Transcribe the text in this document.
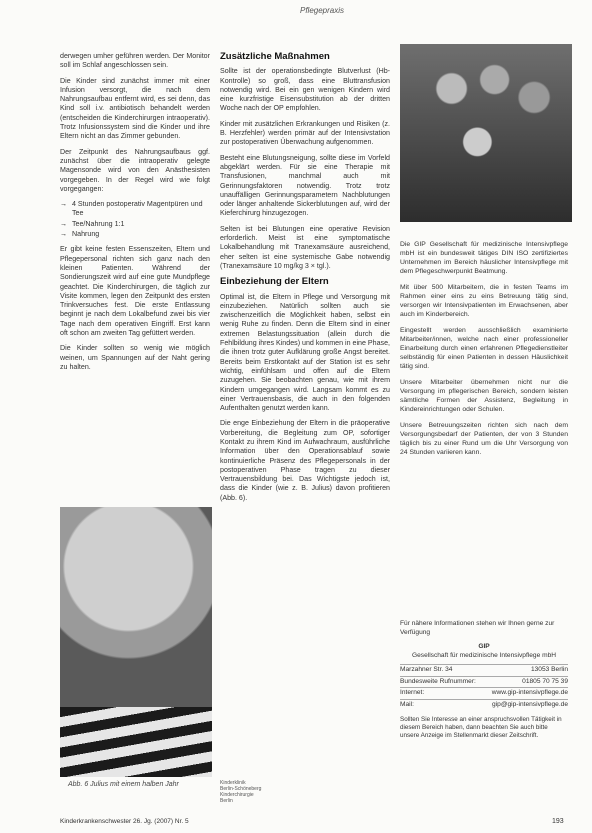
Pflegepraxis

derwegen umher geführen werden. Der Monitor soll im Schlaf angeschlossen sein.

Die Kinder sind zunächst immer mit einer Infusion versorgt, die nach dem Nahrungsaufbau entfernt wird, es sei denn, das Kind soll i.v. antibiotisch behandelt werden (entscheiden die Kinderchirurgen intraoperativ). Trotz Infusionssystem sind die Kinder und ihre Eltern nicht an das Zimmer gebunden.

Der Zeitpunkt des Nahrungsaufbaus ggf. zunächst über die intraoperativ gelegte Magensonde wird von den Anästhesisten vorgegeben. In der Regel wird wie folgt vorgegangen:

→ 4 Stunden postoperativ Magentpüren und Tee
→ Tee/Nahrung 1:1
→ Nahrung

Er gibt keine festen Essenszeiten, Eltern und Pflegepersonal richten sich ganz nach den kleinen Patienten. Während der Sondierungszeit wird auf eine gute Mundpflege geachtet. Die Kinderchirurgen, die täglich zur Visite kommen, legen den Zeitpunkt des ersten Trinkversuches fest. Die erste Entlassung beginnt je nach dem Lokalbefund zwei bis vier Tage nach dem operativen Eingriff. Erst kann oft schon am zweiten Tag gefüttert werden.

Die Kinder sollten so wenig wie möglich weinen, um Spannungen auf der Naht gering zu halten.

Abb. 6 Julius mit einem halben Jahr
Zusätzliche Maßnahmen

Sollte ist der operationsbedingte Blutverlust (Hb-Kontrolle) so groß, dass eine Bluttransfusion notwendig wird. Bei ein gen wenigen Kindern wird eine kurzfristige Eisensubstitution ab der dritten Woche nach der OP empfohlen.

Kinder mit zusätzlichen Erkrankungen und Risiken (z. B. Herzfehler) werden primär auf der Intensivstation zur postoperativen Überwachung aufgenommen.

Besteht eine Blutungsneigung, sollte diese im Vorfeld abgeklärt werden. Für sie eine Therapie mit Transfusionen, manchmal auch mit Gerinnungsfaktoren notwendig. Trotz trotz unauffälligen Gerinnungsparametern Nachblutungen oder länger anhaltende Sickerblutungen auf, wird der Kieferchirurg hinzugezogen.

Selten ist bei Blutungen eine operative Revision erforderlich. Meist ist eine symptomatische Lokalbehandlung mit Tranexamsäure ausreichend, eher selten ist eine systemische Gabe notwendig (Tranexamsäure 10 mg/kg 3 × tgl.).

Einbeziehung der Eltern

Optimal ist, die Eltern in Pflege und Versorgung mit einzubeziehen. Natürlich sollten auch sie zwischenzeitlich die Möglichkeit haben, selbst ein wenig Ruhe zu finden. Denn die Eltern sind in einer extremen Belastungssituation (allein durch die Fehlbildung ihres Kindes) und kommen in eine Phase, die ihnen trotz guter Aufklärung große Angst bereitet. Bereits beim Erstkontakt auf der Station ist es sehr wichtig, einfühlsam und offen auf die Eltern zuzugehen. Sie beobachten genau, wie mit ihrem Kindern umgegangen wird. Langsam kommt es zu einer Vertrauensbasis, die auch in den folgenden Aufenthalten genutzt werden kann.

Die enge Einbeziehung der Eltern in die präoperative Vorbereitung, die Begleitung zum OP, sofortiger Kontakt zu ihrem Kind im Aufwachraum, ausführliche Information über den Operationsablauf sowie kontinuierliche Präsenz des Pflegepersonals in der postoperativen Phase tragen zu dieser Vertrauensbildung bei. Das Wichtigste jedoch ist, dass die Kinder (wie z. B. Julius) davon profitieren (Abb. 6).

Kinderklinik
Berlin-Schöneberg
Kinderchirurgie
Berlin

Die GIP Gesellschaft für medizinische Intensivpflege mbH ist ein bundesweit tätiges DIN ISO zertifiziertes Unternehmen im Bereich häuslicher Intensivpflege mit dem Pflegeschwerpunkt Beatmung.

Mit über 500 Mitarbeitern, die in festen Teams im Rahmen einer eins zu eins Betreuung tätig sind, versorgen wir Intensivpatienten im Erwachsenen, aber auch im Kinderbereich.

Eingestellt werden ausschließlich examinierte Mitarbeiter/innen, welche nach einer professioneller Einarbeitung durch einen erfahrenen Pflegedienstleiter selbständig für einen Patienten in dessen Häuslichkeit tätig sind.

Unsere Mitarbeiter übernehmen nicht nur die Versorgung im pflegerischen Bereich, sondern leisten sämtliche Formen der Assistenz, Begleitung in Kindereinrichtungen oder Schulen.

Unsere Betreuungszeiten richten sich nach dem Versorgungsbedarf der Patienten, der von 3 Stunden täglich bis zu einer Rund um die Uhr Versorgung von 24 Stunden variieren kann.

Für nähere Informationen stehen wir Ihnen gerne zur Verfügung
GIP
Gesellschaft für medizinische Intensivpflege mbH
Marzahner Str. 34	13053 Berlin
Bundesweite Rufnummer:	01805 70 75 39
Internet:	www.gip-intensivpflege.de
Mail:	gip@gip-intensivpflege.de
Sollten Sie Interesse an einer anspruchsvollen Tätigkeit in diesem Bereich haben, dann beachten Sie auch bitte unsere Anzeige im Stellenmarkt dieser Zeitschrift.
Kinderkrankenschwester 26. Jg. (2007) Nr. 5	193
